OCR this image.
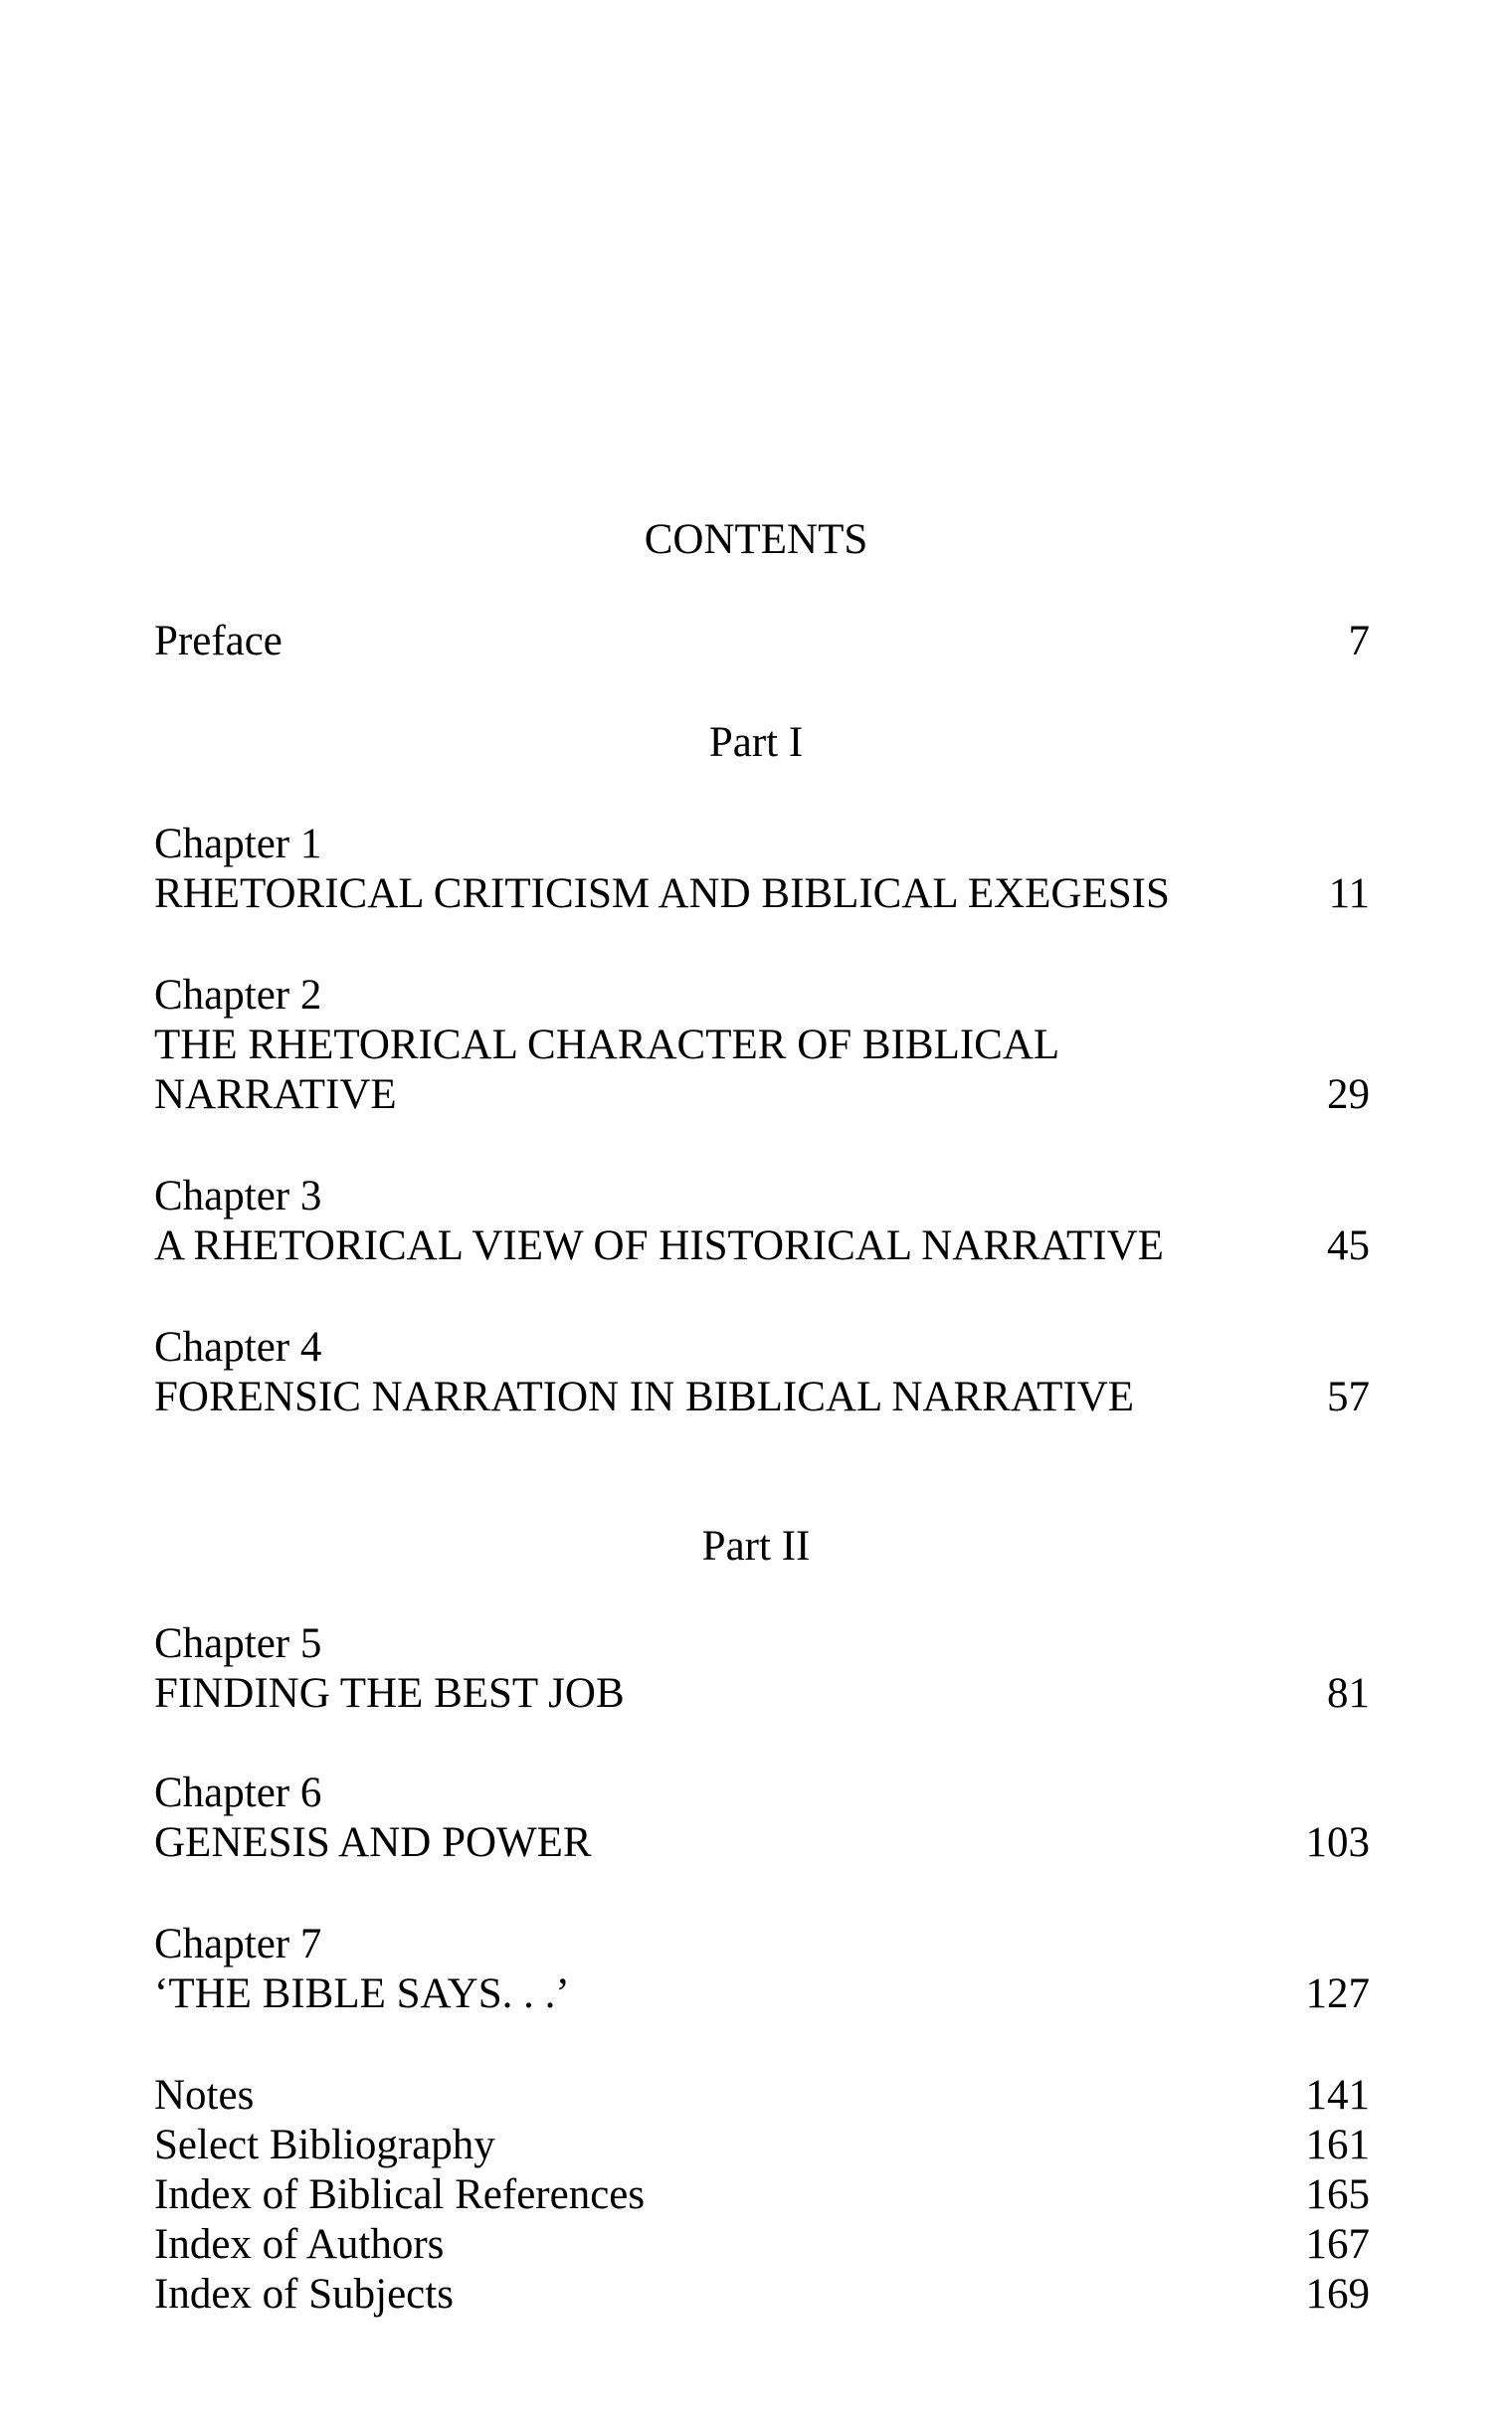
CONTENTS
Preface	7
Part I
Chapter 1
RHETORICAL CRITICISM AND BIBLICAL EXEGESIS	11
Chapter 2
THE RHETORICAL CHARACTER OF BIBLICAL
NARRATIVE	29
Chapter 3
A RHETORICAL VIEW OF HISTORICAL NARRATIVE	45
Chapter 4
FORENSIC NARRATION IN BIBLICAL NARRATIVE	57
Part II
Chapter 5
FINDING THE BEST JOB	81
Chapter 6
GENESIS AND POWER	103
Chapter 7
‘THE BIBLE SAYS. . .’	127
Notes	141
Select Bibliography	161
Index of Biblical References	165
Index of Authors	167
Index of Subjects	169
